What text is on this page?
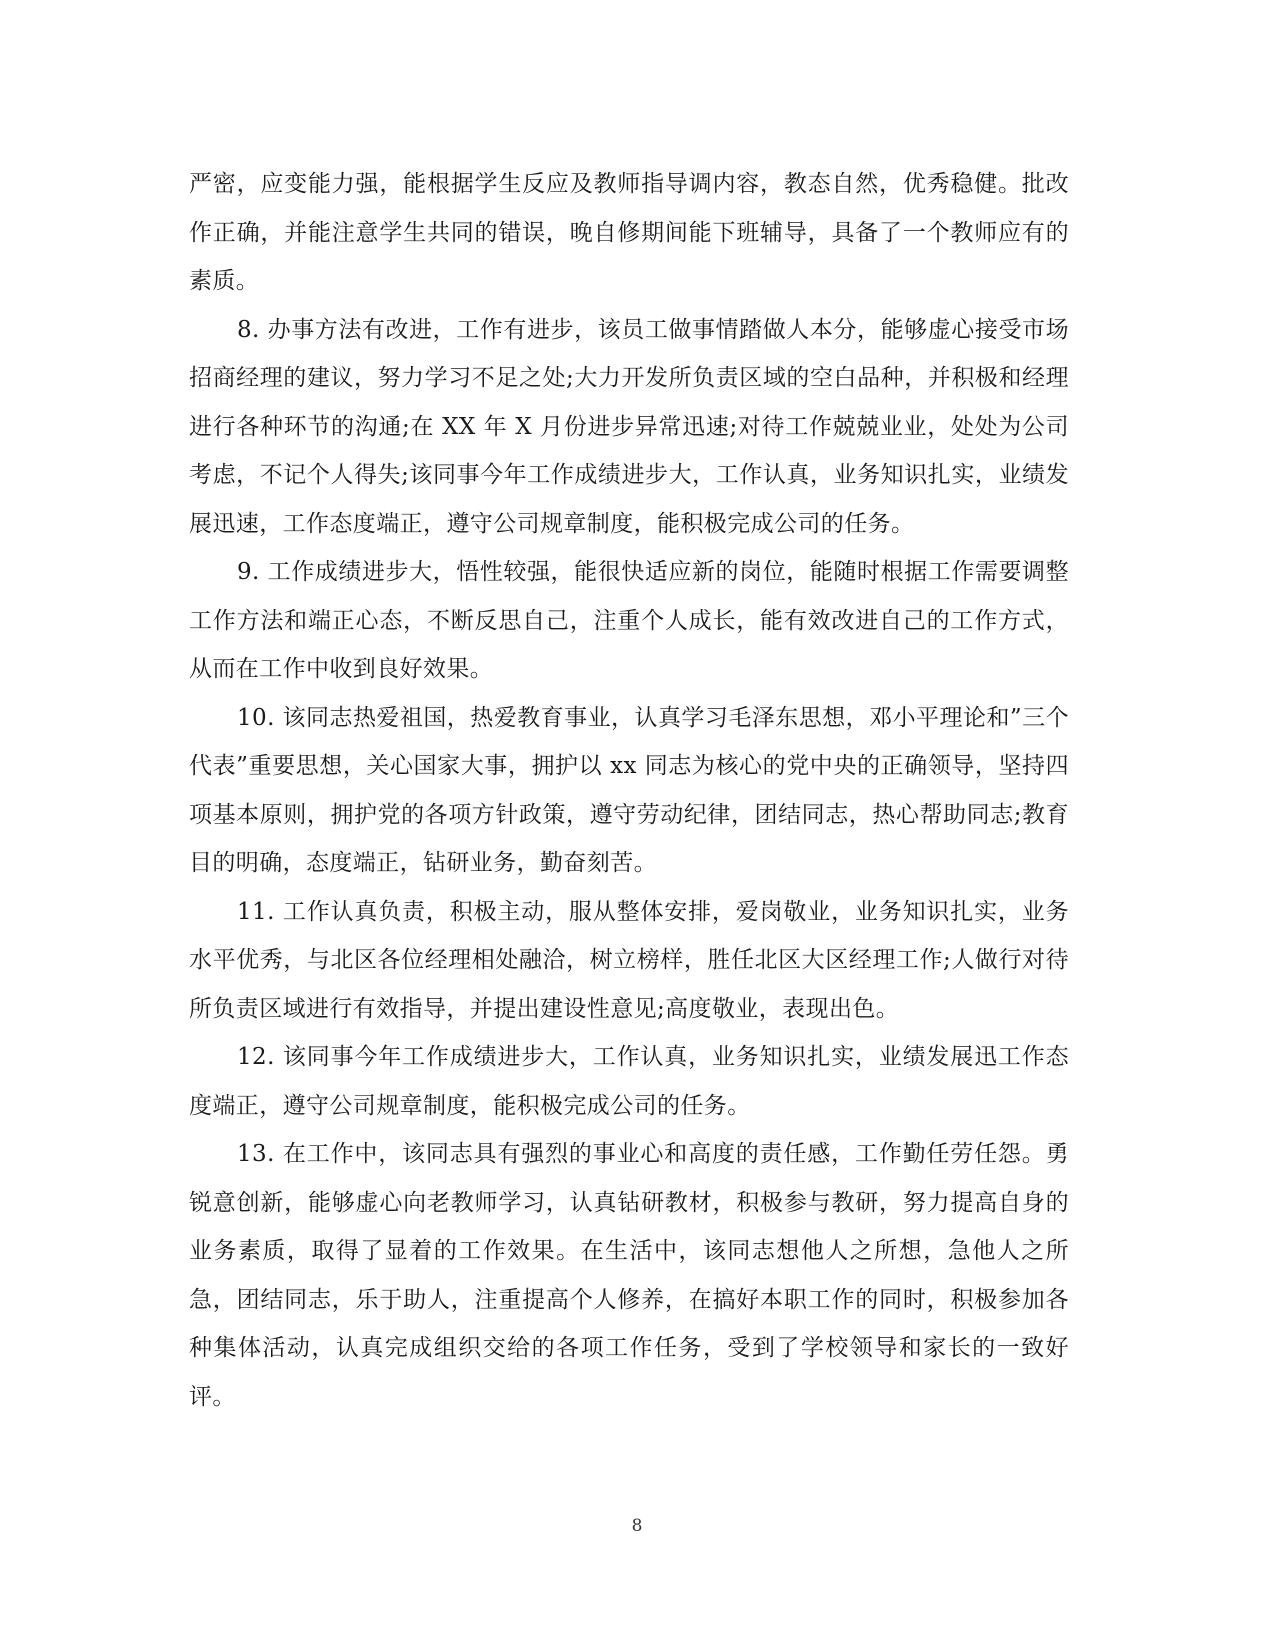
严密，应变能力强，能根据学生反应及教师指导调内容，教态自然，优秀稳健。批改作正确，并能注意学生共同的错误，晚自修期间能下班辅导，具备了一个教师应有的素质。

8. 办事方法有改进，工作有进步，该员工做事情踏做人本分，能够虚心接受市场招商经理的建议，努力学习不足之处;大力开发所负责区域的空白品种，并积极和经理进行各种环节的沟通;在 XX 年 X 月份进步异常迅速;对待工作兢兢业业，处处为公司考虑，不记个人得失;该同事今年工作成绩进步大，工作认真，业务知识扎实，业绩发展迅速，工作态度端正，遵守公司规章制度，能积极完成公司的任务。

9. 工作成绩进步大，悟性较强，能很快适应新的岗位，能随时根据工作需要调整工作方法和端正心态，不断反思自己，注重个人成长，能有效改进自己的工作方式，从而在工作中收到良好效果。

10. 该同志热爱祖国，热爱教育事业，认真学习毛泽东思想，邓小平理论和”三个代表”重要思想，关心国家大事，拥护以 xx 同志为核心的党中央的正确领导，坚持四项基本原则，拥护党的各项方针政策，遵守劳动纪律，团结同志，热心帮助同志;教育目的明确，态度端正，钻研业务，勤奋刻苦。

11. 工作认真负责，积极主动，服从整体安排，爱岗敬业，业务知识扎实，业务水平优秀，与北区各位经理相处融洽，树立榜样，胜任北区大区经理工作;人做行对待所负责区域进行有效指导，并提出建设性意见;高度敬业，表现出色。

12. 该同事今年工作成绩进步大，工作认真，业务知识扎实，业绩发展迅工作态度端正，遵守公司规章制度，能积极完成公司的任务。

13. 在工作中，该同志具有强烈的事业心和高度的责任感，工作勤任劳任怨。勇锐意创新，能够虚心向老教师学习，认真钻研教材，积极参与教研，努力提高自身的业务素质，取得了显着的工作效果。在生活中，该同志想他人之所想，急他人之所急，团结同志，乐于助人，注重提高个人修养，在搞好本职工作的同时，积极参加各种集体活动，认真完成组织交给的各项工作任务，受到了学校领导和家长的一致好评。

8
